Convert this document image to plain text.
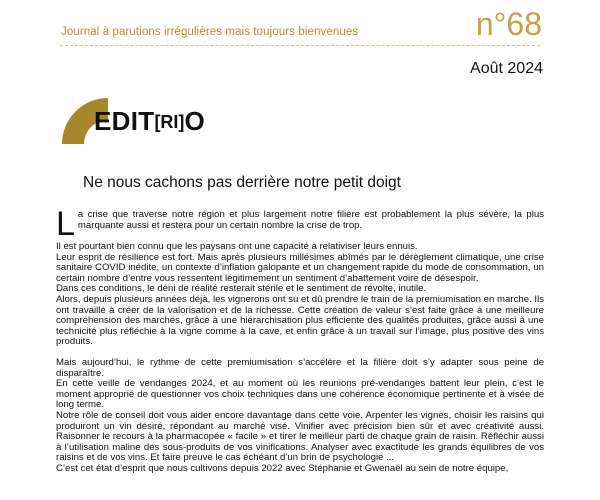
Journal à parutions irrégulières mais toujours bienvenues	n°68
Août 2024
EDIT[RI]O
Ne nous cachons pas derrière notre petit doigt

La crise que traverse notre région et plus largement notre filière est probablement la plus sévère, la plus marquante aussi et restera pour un certain nombre la crise de trop.

Il est pourtant bien connu que les paysans ont une capacité à relativiser leurs ennuis.

Leur esprit de résilience est fort. Mais après plusieurs millésimes abîmés par le dérèglement climatique, une crise sanitaire COVID inédite, un contexte d’inflation galopante et un changement rapide du mode de consommation, un certain nombre d’entre vous ressentent légitimement un sentiment d’abattement voire de désespoir.

Dans ces conditions, le déni de réalité resterait stérile et le sentiment de révolte, inutile.

Alors, depuis plusieurs années déjà, les vignerons ont su et dû prendre le train de la premiumisation en marche. Ils ont travaillé à créer de la valorisation et de la richesse. Cette création de valeur s’est faite grâce à une meilleure compréhension des marchés, grâce à une hiérarchisation plus efficiente des qualités produites, grâce aussi à une technicité plus réfléchie à la vigne comme à la cave, et enfin grâce à un travail sur l’image, plus positive des vins produits.

Mais aujourd’hui, le rythme de cette premiumisation s’accélère et la filière doit s’y adapter sous peine de disparaître.

En cette veille de vendanges 2024, et au moment où les réunions pré-vendanges battent leur plein, c’est le moment approprié de questionner vos choix techniques dans une cohérence économique pertinente et à visée de long terme.

Notre rôle de conseil doit vous aider encore davantage dans cette voie. Arpenter les vignes, choisir les raisins qui produiront un vin désiré, répondant au marché visé. Vinifier avec précision bien sûr et avec créativité aussi. Raisonner le recours à la pharmacopée « facile » et tirer le meilleur parti de chaque grain de raisin. Réfléchir aussi à l’utilisation maline des sous-produits de vos vinifications. Analyser avec exactitude les grands équilibres de vos raisins et de vos vins. Et faire preuve le cas échéant d’un brin de psychologie ...

C’est cet état d’esprit que nous cultivons depuis 2022 avec Stéphanie et Gwenaël au sein de notre équipe,
